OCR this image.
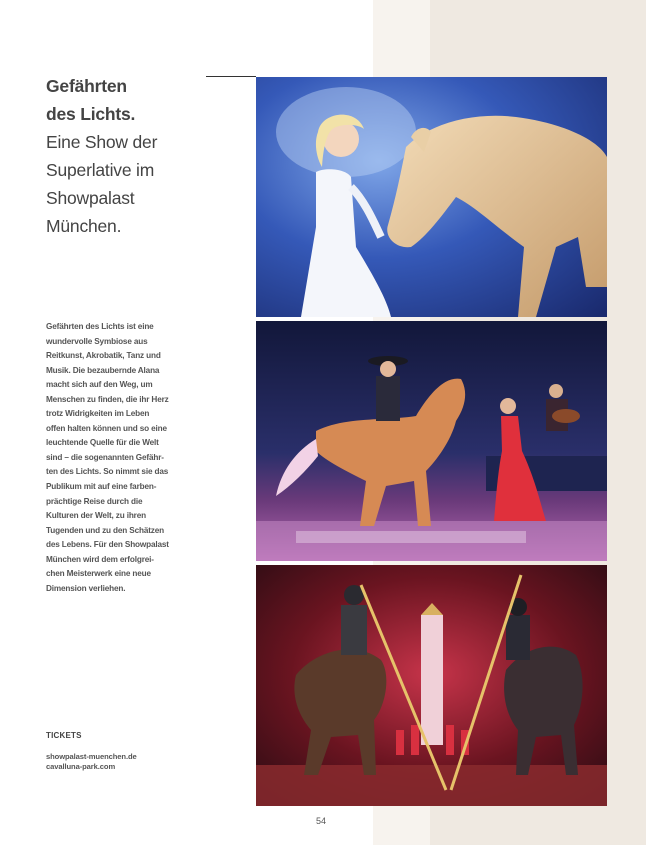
Gefährten
des Lichts.
Eine Show der
Superlative im
Showpalast
München.
Gefährten des Lichts ist eine
wundervolle Symbiose aus
Reitkunst, Akrobatik, Tanz und
Musik. Die bezaubernde Alana
macht sich auf den Weg, um
Menschen zu finden, die ihr Herz
trotz Widrigkeiten im Leben
offen halten können und so eine
leuchtende Quelle für die Welt
sind – die sogenannten Gefähr-
ten des Lichts. So nimmt sie das
Publikum mit auf eine farben-
prächtige Reise durch die
Kulturen der Welt, zu ihren
Tugenden und zu den Schätzen
des Lebens. Für den Showpalast
München wird dem erfolgrei-
chen Meisterwerk eine neue
Dimension verliehen.
TICKETS
showpalast-muenchen.de
cavalluna-park.com
54
